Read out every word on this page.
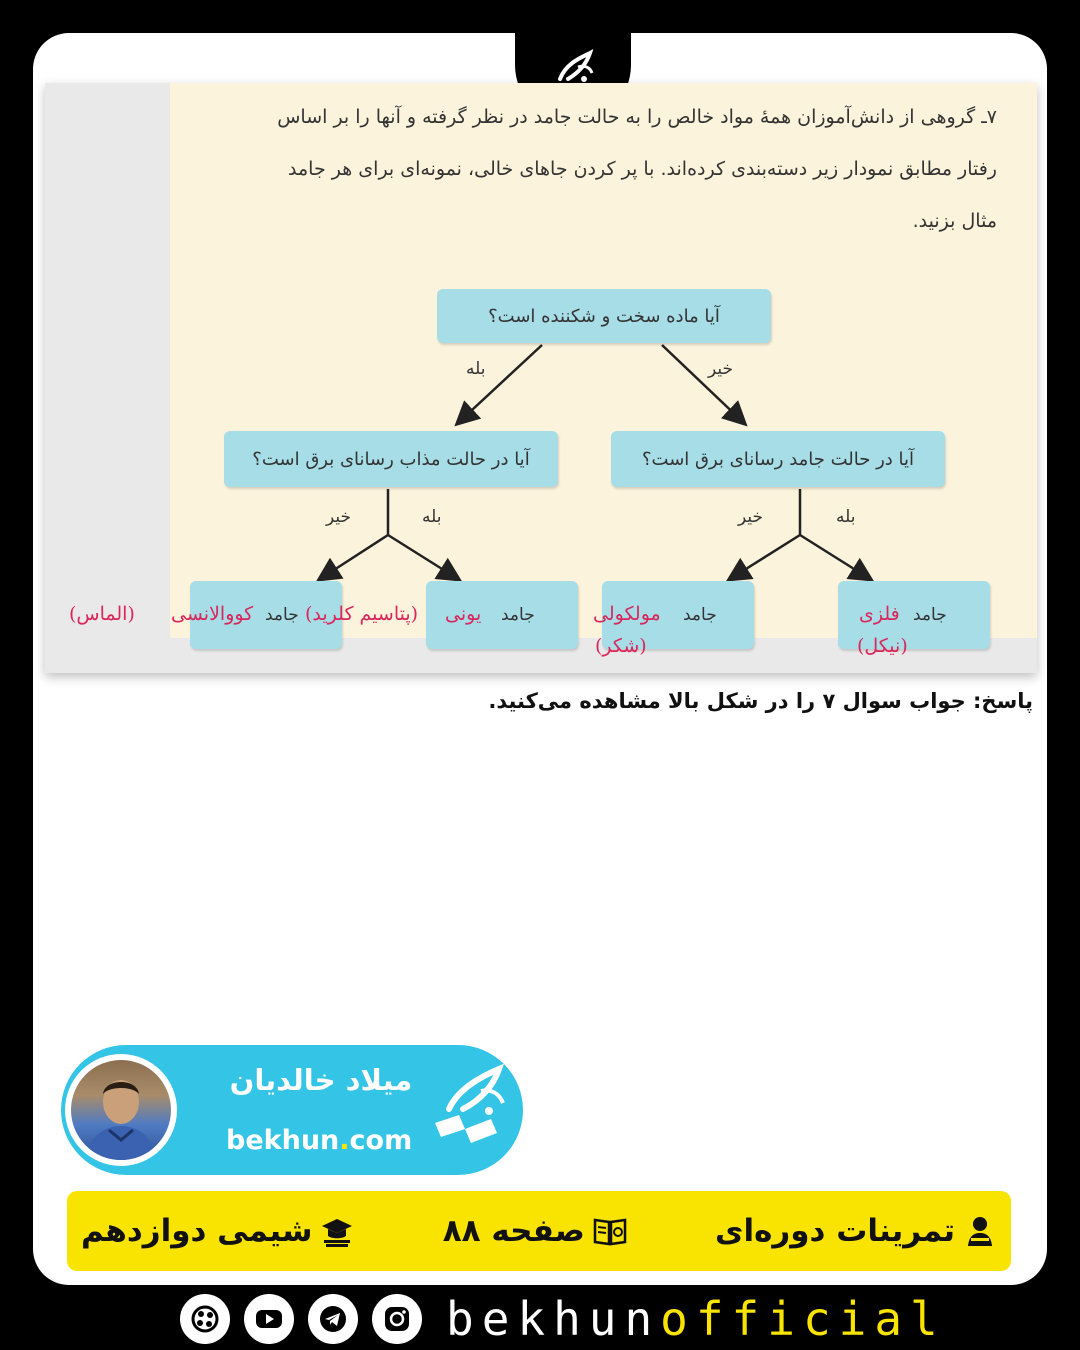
۷ـ گروهی از دانش‌آموزان همهٔ مواد خالص را به حالت جامد در نظر گرفته و آنها را بر اساس
رفتار مطابق نمودار زیر دسته‌بندی کرده‌اند. با پر کردن جاهای خالی، نمونه‌ای برای هر جامد
مثال بزنید.
آیا ماده سخت و شکننده است؟
بله	خیر
آیا در حالت مذاب رسانای برق است؟	آیا در حالت جامد رسانای برق است؟
خیر	بله	خیر	بله
جامد
کووالانسی
(الماس)	جامد
یونی
(پتاسیم کلرید)	جامد
مولکولی
(شکر)
جامد
فلزی
(نیکل)
پاسخ: جواب سوال ۷ را در شکل بالا مشاهده می‌کنید.
میلاد خالدیان
bekhun.com
تمرینات دوره‌ای
صفحه ۸۸
شیمی دوازدهم
bekhunofficial
